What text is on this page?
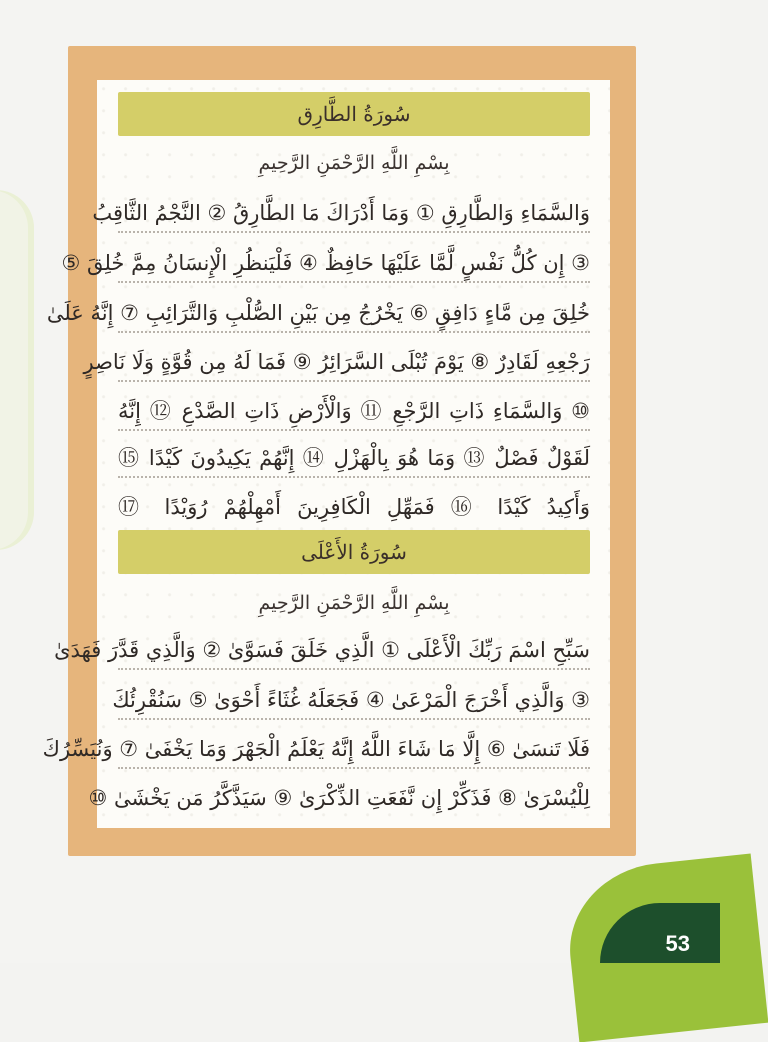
سُورَةُ الطَّارِق
بِسْمِ اللَّهِ الرَّحْمَنِ الرَّحِيمِ
وَالسَّمَاءِ وَالطَّارِقِ ① وَمَا أَدْرَاكَ مَا الطَّارِقُ ② النَّجْمُ الثَّاقِبُ
③ إِن كُلُّ نَفْسٍ لَّمَّا عَلَيْهَا حَافِظٌ ④ فَلْيَنظُرِ الْإِنسَانُ مِمَّ خُلِقَ ⑤
خُلِقَ مِن مَّاءٍ دَافِقٍ ⑥ يَخْرُجُ مِن بَيْنِ الصُّلْبِ وَالتَّرَائِبِ ⑦ إِنَّهُ عَلَىٰ
رَجْعِهِ لَقَادِرٌ ⑧ يَوْمَ تُبْلَى السَّرَائِرُ ⑨ فَمَا لَهُ مِن قُوَّةٍ وَلَا نَاصِرٍ
⑩ وَالسَّمَاءِ ذَاتِ الرَّجْعِ ⑪ وَالْأَرْضِ ذَاتِ الصَّدْعِ ⑫ إِنَّهُ
لَقَوْلٌ فَصْلٌ ⑬ وَمَا هُوَ بِالْهَزْلِ ⑭ إِنَّهُمْ يَكِيدُونَ كَيْدًا ⑮
وَأَكِيدُ كَيْدًا ⑯ فَمَهِّلِ الْكَافِرِينَ أَمْهِلْهُمْ رُوَيْدًا ⑰
سُورَةُ الأَعْلَى
بِسْمِ اللَّهِ الرَّحْمَنِ الرَّحِيمِ
سَبِّحِ اسْمَ رَبِّكَ الْأَعْلَى ① الَّذِي خَلَقَ فَسَوَّىٰ ② وَالَّذِي قَدَّرَ فَهَدَىٰ
③ وَالَّذِي أَخْرَجَ الْمَرْعَىٰ ④ فَجَعَلَهُ غُثَاءً أَحْوَىٰ ⑤ سَنُقْرِئُكَ
فَلَا تَنسَىٰ ⑥ إِلَّا مَا شَاءَ اللَّهُ إِنَّهُ يَعْلَمُ الْجَهْرَ وَمَا يَخْفَىٰ ⑦ وَنُيَسِّرُكَ
لِلْيُسْرَىٰ ⑧ فَذَكِّرْ إِن نَّفَعَتِ الذِّكْرَىٰ ⑨ سَيَذَّكَّرُ مَن يَخْشَىٰ ⑩
53
